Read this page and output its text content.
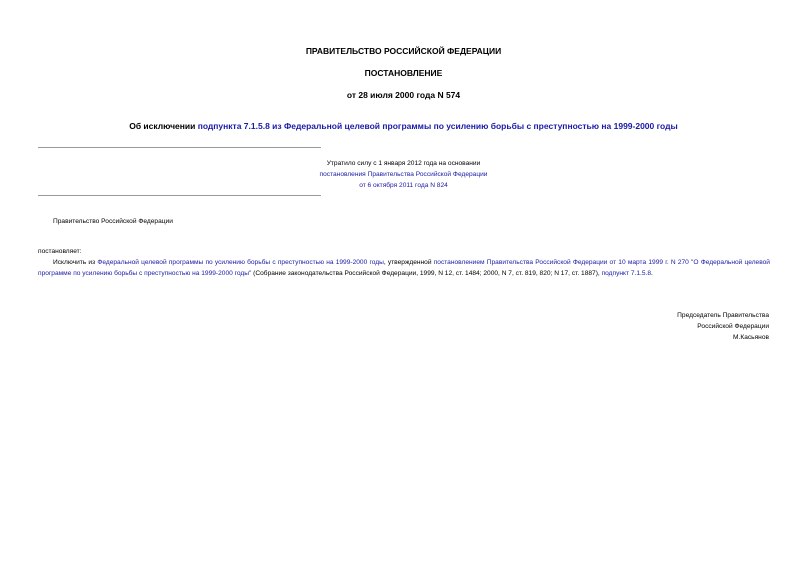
ПРАВИТЕЛЬСТВО РОССИЙСКОЙ ФЕДЕРАЦИИ
ПОСТАНОВЛЕНИЕ
от 28 июля 2000 года N 574
Об исключении подпункта 7.1.5.8 из Федеральной целевой программы по усилению борьбы с преступностью на 1999-2000 годы
Утратило силу с 1 января 2012 года на основании
постановления Правительства Российской Федерации
от 6 октября 2011 года N 824
Правительство Российской Федерации
постановляет:
Исключить из Федеральной целевой программы по усилению борьбы с преступностью на 1999-2000 годы, утвержденной постановлением Правительства Российской Федерации от 10 марта 1999 г. N 270 "О Федеральной целевой программе по усилению борьбы с преступностью на 1999-2000 годы" (Собрание законодательства Российской Федерации, 1999, N 12, ст. 1484; 2000, N 7, ст. 819, 820; N 17, ст. 1887), подпункт 7.1.5.8.
Председатель Правительства
Российской Федерации
М.Касьянов
